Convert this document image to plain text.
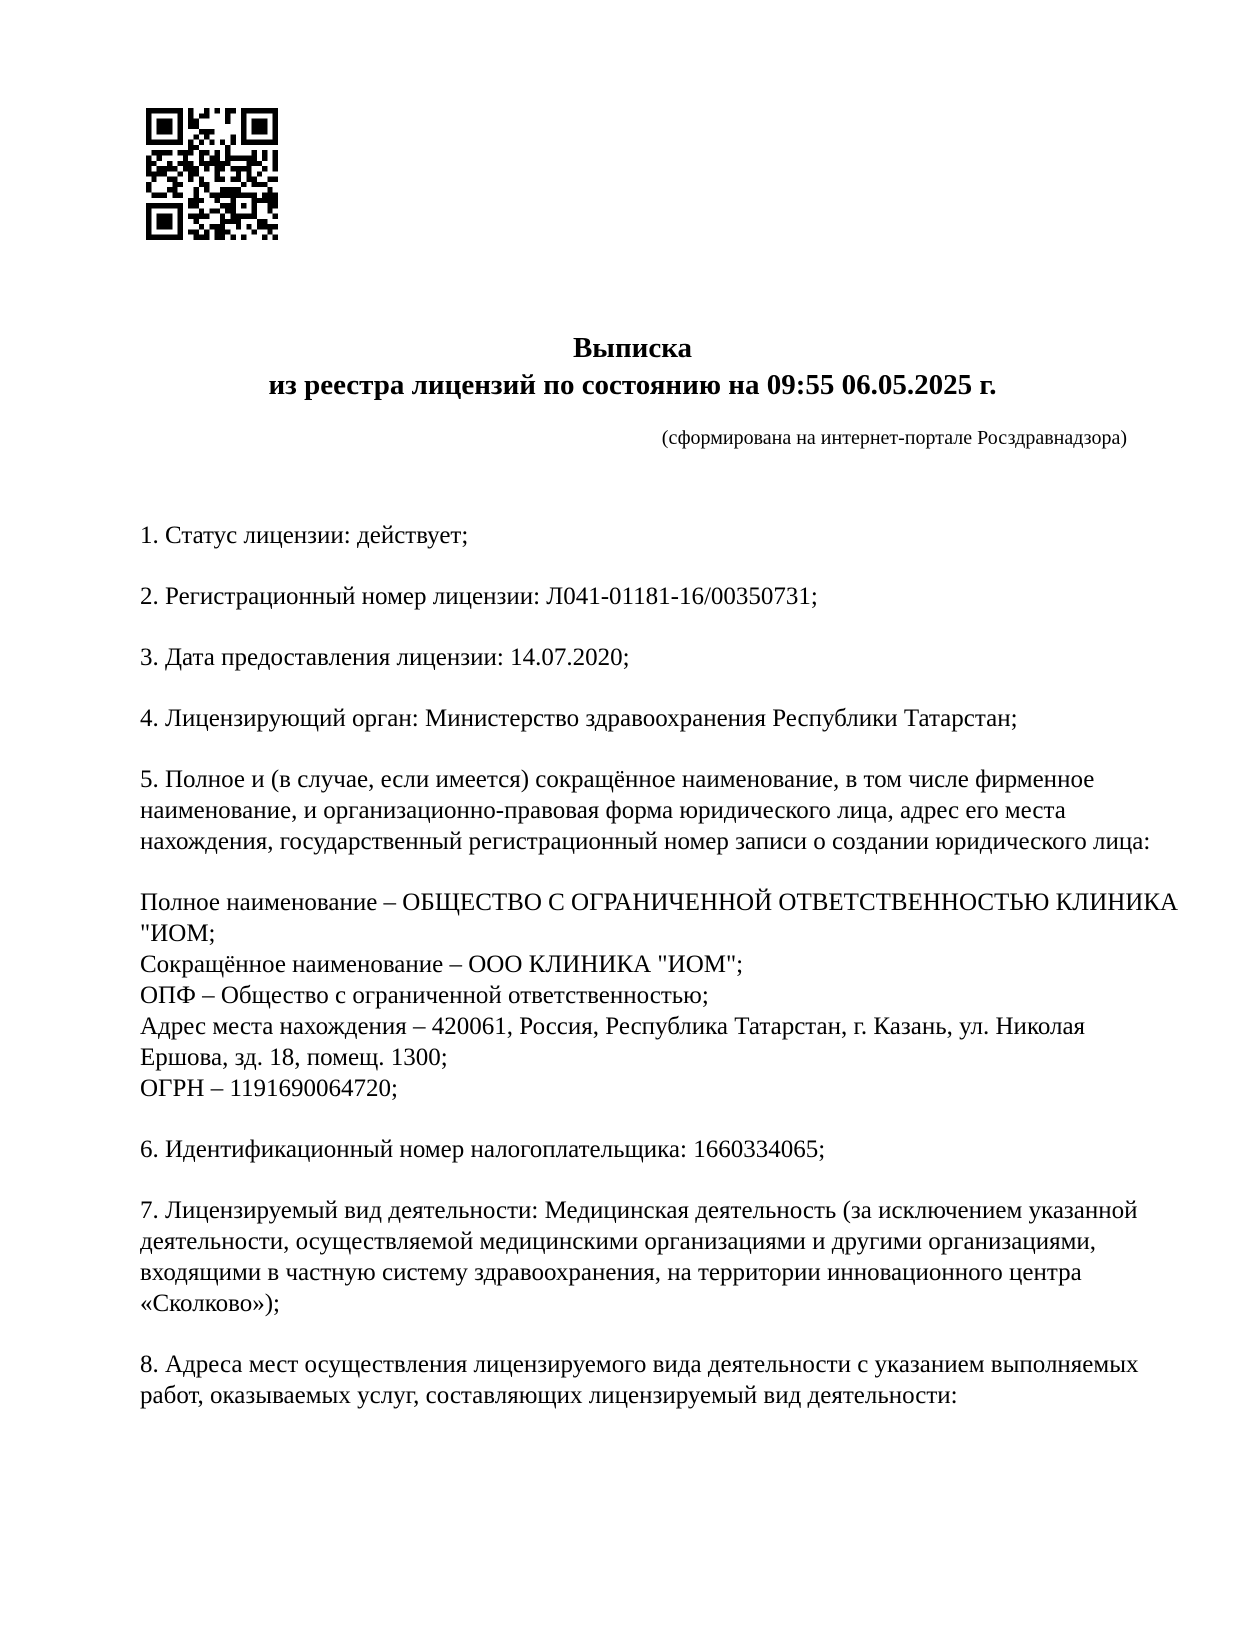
Выписка
из реестра лицензий по состоянию на 09:55 06.05.2025 г.
(сформирована на интернет-портале Росздравнадзора)
1. Статус лицензии: действует;
2. Регистрационный номер лицензии: Л041-01181-16/00350731;
3. Дата предоставления лицензии: 14.07.2020;
4. Лицензирующий орган: Министерство здравоохранения Республики Татарстан;
5. Полное и (в случае, если имеется) сокращённое наименование, в том числе фирменное
наименование, и организационно-правовая форма юридического лица, адрес его места
нахождения, государственный регистрационный номер записи о создании юридического лица:
Полное наименование – ОБЩЕСТВО С ОГРАНИЧЕННОЙ ОТВЕТСТВЕННОСТЬЮ КЛИНИКА
"ИОМ;
Сокращённое наименование – ООО КЛИНИКА "ИОМ";
ОПФ – Общество с ограниченной ответственностью;
Адрес места нахождения – 420061, Россия, Республика Татарстан, г. Казань, ул. Николая
Ершова, зд. 18, помещ. 1300;
ОГРН – 1191690064720;
6. Идентификационный номер налогоплательщика: 1660334065;
7. Лицензируемый вид деятельности: Медицинская деятельность (за исключением указанной
деятельности, осуществляемой медицинскими организациями и другими организациями,
входящими в частную систему здравоохранения, на территории инновационного центра
«Сколково»);
8. Адреса мест осуществления лицензируемого вида деятельности с указанием выполняемых
работ, оказываемых услуг, составляющих лицензируемый вид деятельности:
